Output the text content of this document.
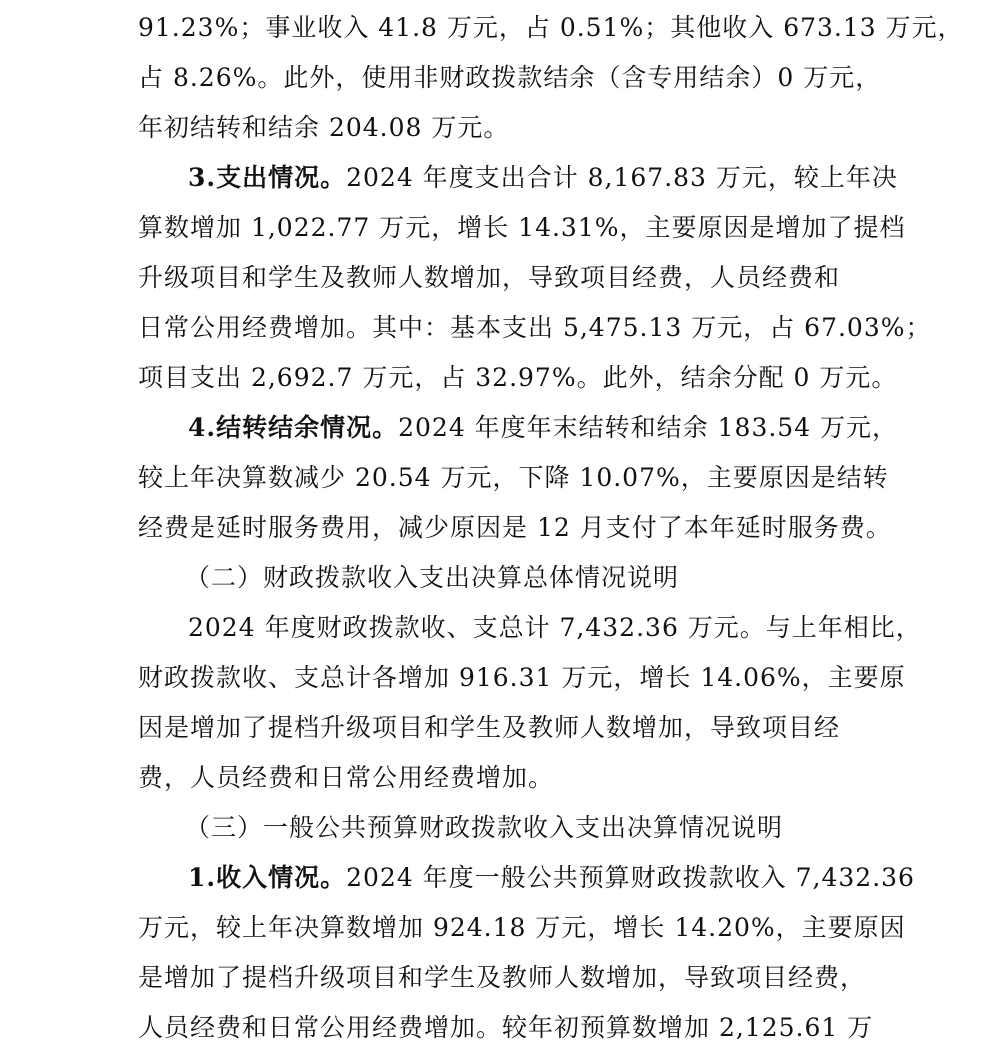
91.23%；事业收入 41.8 万元，占 0.51%；其他收入 673.13 万元，
占 8.26%。此外，使用非财政拨款结余（含专用结余）0 万元，
年初结转和结余 204.08 万元。
3.支出情况。2024 年度支出合计 8,167.83 万元，较上年决
算数增加 1,022.77 万元，增长 14.31%，主要原因是增加了提档
升级项目和学生及教师人数增加，导致项目经费，人员经费和
日常公用经费增加。其中：基本支出 5,475.13 万元，占 67.03%；
项目支出 2,692.7 万元，占 32.97%。此外，结余分配 0 万元。
4.结转结余情况。2024 年度年末结转和结余 183.54 万元，
较上年决算数减少 20.54 万元，下降 10.07%，主要原因是结转
经费是延时服务费用，减少原因是 12 月支付了本年延时服务费。
（二）财政拨款收入支出决算总体情况说明
2024 年度财政拨款收、支总计 7,432.36 万元。与上年相比，
财政拨款收、支总计各增加 916.31 万元，增长 14.06%，主要原
因是增加了提档升级项目和学生及教师人数增加，导致项目经
费，人员经费和日常公用经费增加。
（三）一般公共预算财政拨款收入支出决算情况说明
1.收入情况。2024 年度一般公共预算财政拨款收入 7,432.36
万元，较上年决算数增加 924.18 万元，增长 14.20%，主要原因
是增加了提档升级项目和学生及教师人数增加，导致项目经费，
人员经费和日常公用经费增加。较年初预算数增加 2,125.61 万
